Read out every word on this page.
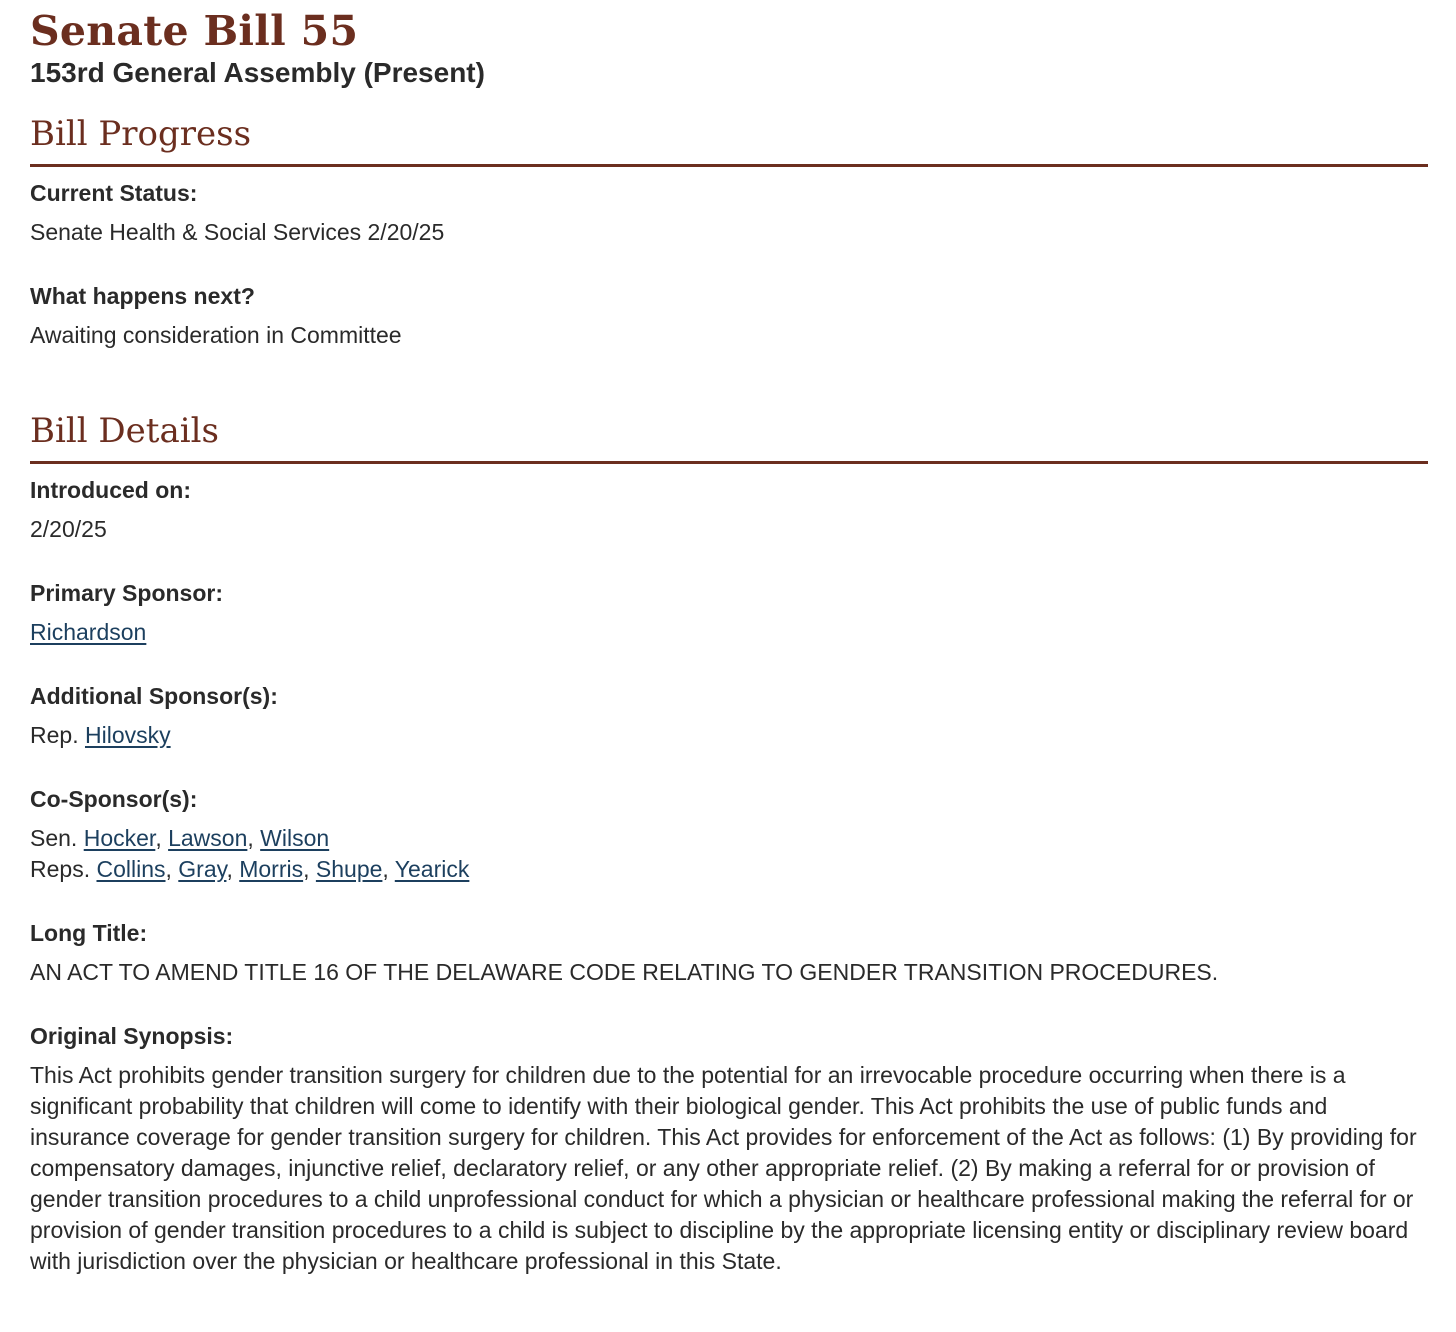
Senate Bill 55
153rd General Assembly (Present)
Bill Progress
Current Status:
Senate Health & Social Services 2/20/25
What happens next?
Awaiting consideration in Committee
Bill Details
Introduced on:
2/20/25
Primary Sponsor:
Richardson
Additional Sponsor(s):
Rep. Hilovsky
Co-Sponsor(s):
Sen. Hocker, Lawson, Wilson
Reps. Collins, Gray, Morris, Shupe, Yearick
Long Title:
AN ACT TO AMEND TITLE 16 OF THE DELAWARE CODE RELATING TO GENDER TRANSITION PROCEDURES.
Original Synopsis:
This Act prohibits gender transition surgery for children due to the potential for an irrevocable procedure occurring when there is a significant probability that children will come to identify with their biological gender. This Act prohibits the use of public funds and insurance coverage for gender transition surgery for children. This Act provides for enforcement of the Act as follows: (1) By providing for compensatory damages, injunctive relief, declaratory relief, or any other appropriate relief. (2) By making a referral for or provision of gender transition procedures to a child unprofessional conduct for which a physician or healthcare professional making the referral for or provision of gender transition procedures to a child is subject to discipline by the appropriate licensing entity or disciplinary review board with jurisdiction over the physician or healthcare professional in this State.
